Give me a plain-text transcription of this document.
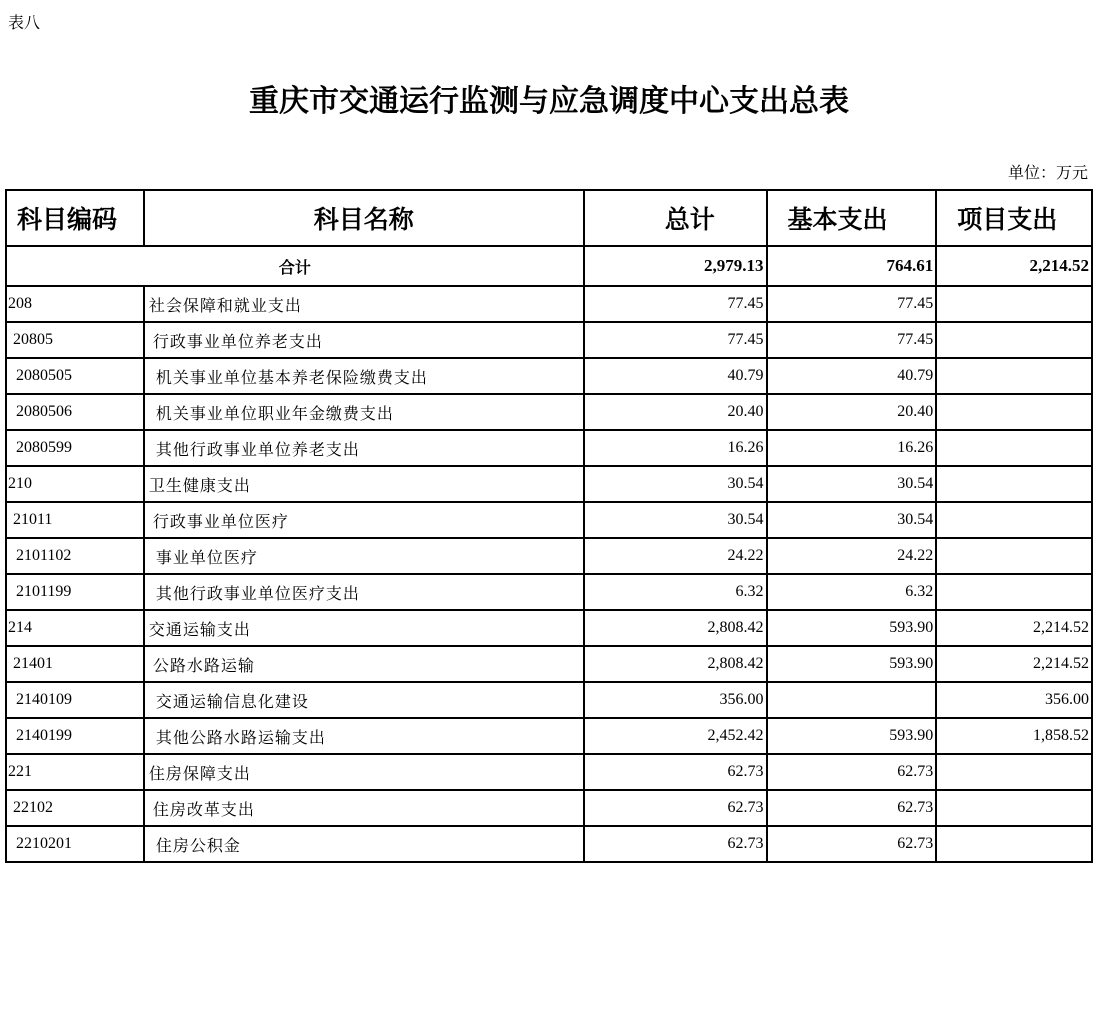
表八
重庆市交通运行监测与应急调度中心支出总表
单位：万元
科目编码	科目名称	总计	基本支出	项目支出
合计		2,979.13	764.61	2,214.52
208	社会保障和就业支出	77.45	77.45	
20805	行政事业单位养老支出	77.45	77.45	
2080505	机关事业单位基本养老保险缴费支出	40.79	40.79	
2080506	机关事业单位职业年金缴费支出	20.40	20.40	
2080599	其他行政事业单位养老支出	16.26	16.26	
210	卫生健康支出	30.54	30.54	
21011	行政事业单位医疗	30.54	30.54	
2101102	事业单位医疗	24.22	24.22	
2101199	其他行政事业单位医疗支出	6.32	6.32	
214	交通运输支出	2,808.42	593.90	2,214.52
21401	公路水路运输	2,808.42	593.90	2,214.52
2140109	交通运输信息化建设	356.00		356.00
2140199	其他公路水路运输支出	2,452.42	593.90	1,858.52
221	住房保障支出	62.73	62.73	
22102	住房改革支出	62.73	62.73	
2210201	住房公积金	62.73	62.73	
